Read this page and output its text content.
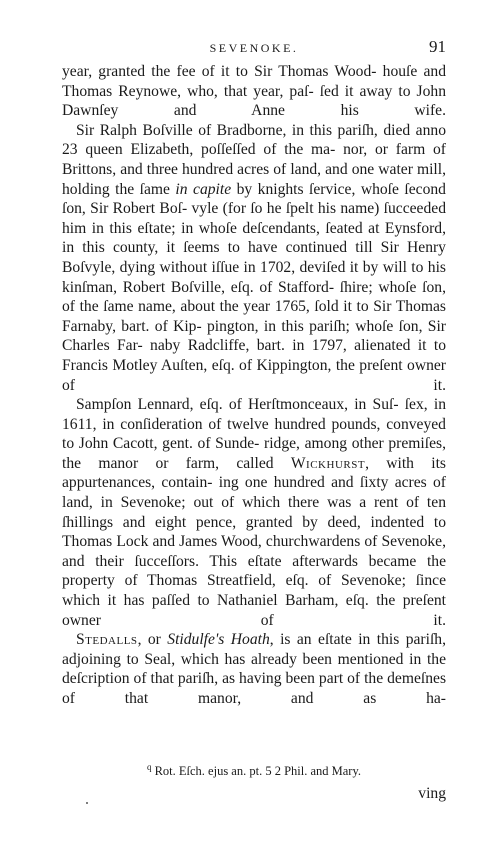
SEVENOKE.	91

year, granted the fee of it to Sir Thomas Wood- houſe and Thomas Reynowe, who, that year, paſ- ſed it away to John Dawnſey and Anne his wife.

Sir Ralph Boſville of Bradborne, in this pariſh, died anno 23 queen Elizabeth, poſſeſſed of the ma- nor, or farm of Brittons, and three hundred acres of land, and one water mill, holding the ſame in capite by knights ſervice, whoſe ſecond ſon, Sir Robert Boſ- vyle (for ſo he ſpelt his name) ſucceeded him in this eſtate; in whoſe deſcendants, ſeated at Eynsford, in this county, it ſeems to have continued till Sir Henry Boſvyle, dying without iſſue in 1702, deviſed it by will to his kinſman, Robert Boſville, eſq. of Stafford- ſhire; whoſe ſon, of the ſame name, about the year 1765, ſold it to Sir Thomas Farnaby, bart. of Kip- pington, in this pariſh; whoſe ſon, Sir Charles Far- naby Radcliffe, bart. in 1797, alienated it to Francis Motley Auſten, eſq. of Kippington, the preſent owner of it.

Sampſon Lennard, eſq. of Herſtmonceaux, in Suſ- ſex, in 1611, in conſideration of twelve hundred pounds, conveyed to John Cacott, gent. of Sunde- ridge, among other premiſes, the manor or farm, called Wickhurst, with its appurtenances, contain- ing one hundred and ſixty acres of land, in Sevenoke; out of which there was a rent of ten ſhillings and eight pence, granted by deed, indented to Thomas Lock and James Wood, churchwardens of Sevenoke, and their ſucceſſors. This eſtate afterwards became the property of Thomas Streatfield, eſq. of Sevenoke; ſince which it has paſſed to Nathaniel Barham, eſq. the preſent owner of it.

Stedalls, or Stidulfe's Hoath, is an eſtate in this pariſh, adjoining to Seal, which has already been mentioned in the deſcription of that pariſh, as having been part of the demeſnes of that manor, and as ha-

$^q$ Rot. Eſch. ejus an. pt. 5 2 Phil. and Mary.
ving
